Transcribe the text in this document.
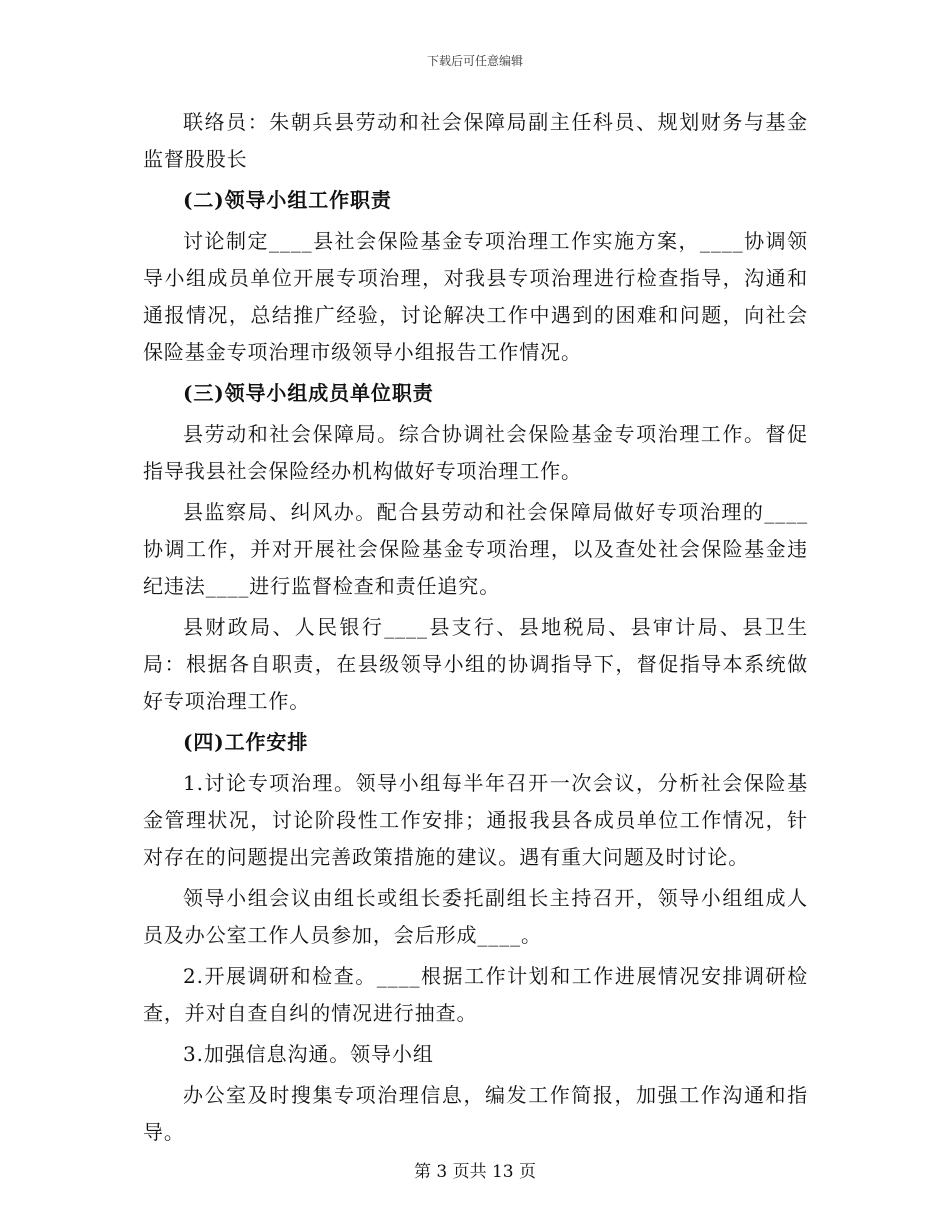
下载后可任意编辑

联络员：朱朝兵县劳动和社会保障局副主任科员、规划财务与基金监督股股长

(二)领导小组工作职责

讨论制定____县社会保险基金专项治理工作实施方案，____协调领导小组成员单位开展专项治理，对我县专项治理进行检查指导，沟通和通报情况，总结推广经验，讨论解决工作中遇到的困难和问题，向社会保险基金专项治理市级领导小组报告工作情况。

(三)领导小组成员单位职责

县劳动和社会保障局。综合协调社会保险基金专项治理工作。督促指导我县社会保险经办机构做好专项治理工作。

县监察局、纠风办。配合县劳动和社会保障局做好专项治理的____协调工作，并对开展社会保险基金专项治理，以及查处社会保险基金违纪违法____进行监督检查和责任追究。

县财政局、人民银行____县支行、县地税局、县审计局、县卫生局：根据各自职责，在县级领导小组的协调指导下，督促指导本系统做好专项治理工作。

(四)工作安排

1.讨论专项治理。领导小组每半年召开一次会议，分析社会保险基金管理状况，讨论阶段性工作安排；通报我县各成员单位工作情况，针对存在的问题提出完善政策措施的建议。遇有重大问题及时讨论。

领导小组会议由组长或组长委托副组长主持召开，领导小组组成人员及办公室工作人员参加，会后形成____。

2.开展调研和检查。____根据工作计划和工作进展情况安排调研检查，并对自查自纠的情况进行抽查。

3.加强信息沟通。领导小组

办公室及时搜集专项治理信息，编发工作简报，加强工作沟通和指导。

第 3 页共 13 页
